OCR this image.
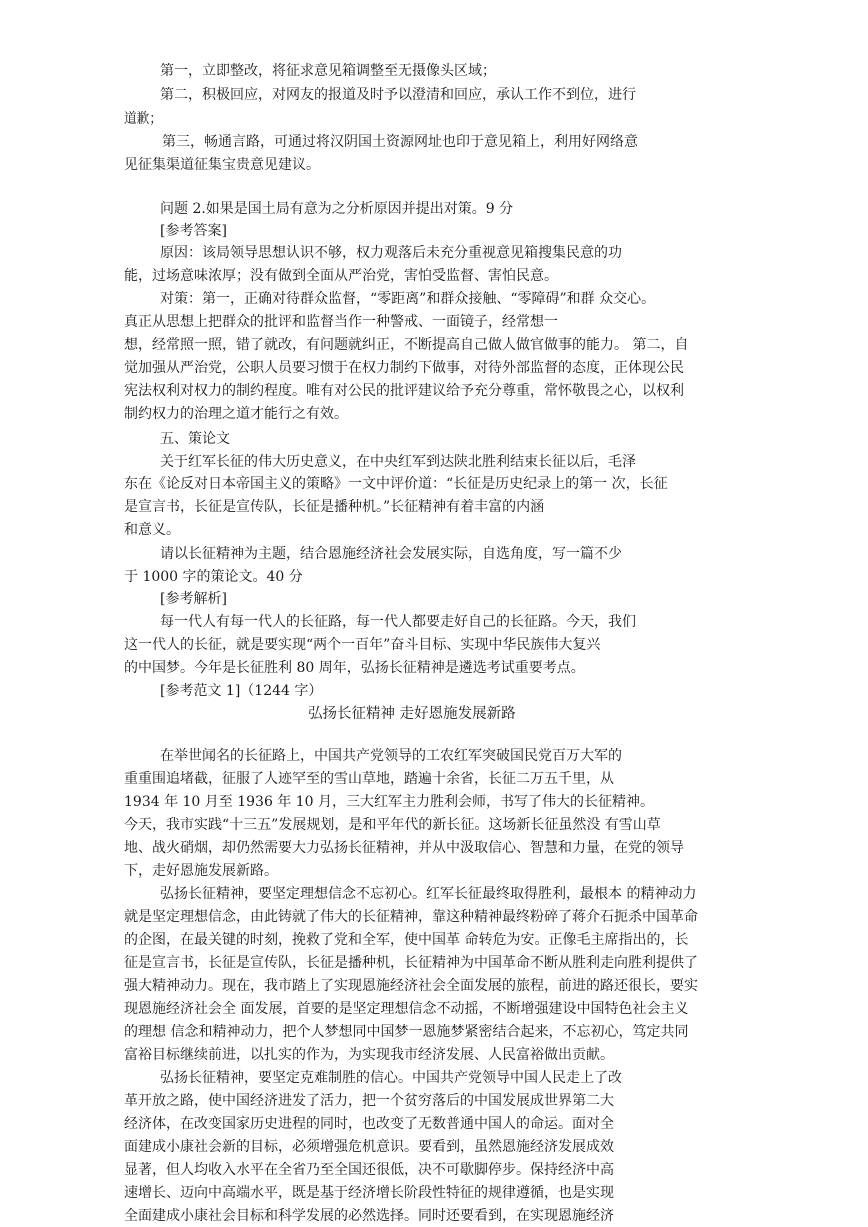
第一，立即整改，将征求意见箱调整至无摄像头区域；

第二，积极回应，对网友的报道及时予以澄清和回应，承认工作不到位，进行

道歉；

第三，畅通言路，可通过将汉阴国土资源网址也印于意见箱上，利用好网络意

见征集渠道征集宝贵意见建议。

问题 2.如果是国土局有意为之分析原因并提出对策。9 分

[参考答案]

原因：该局领导思想认识不够，权力观落后未充分重视意见箱搜集民意的功

能，过场意味浓厚；没有做到全面从严治党，害怕受监督、害怕民意。

对策：第一，正确对待群众监督，“零距离”和群众接触、“零障碍”和群 众交心。

真正从思想上把群众的批评和监督当作一种警戒、一面镜子，经常想一

想，经常照一照，错了就改，有问题就纠正，不断提高自己做人做官做事的能力。 第二，自

觉加强从严治党，公职人员要习惯于在权力制约下做事，对待外部监督的态度，正体现公民

宪法权利对权力的制约程度。唯有对公民的批评建议给予充分尊重，常怀敬畏之心，以权利

制约权力的治理之道才能行之有效。

五、策论文

关于红军长征的伟大历史意义，在中央红军到达陕北胜利结束长征以后，毛泽

东在《论反对日本帝国主义的策略》一文中评价道：“长征是历史纪录上的第一 次，长征

是宣言书，长征是宣传队，长征是播种机。”长征精神有着丰富的内涵

和意义。

请以长征精神为主题，结合恩施经济社会发展实际，自选角度，写一篇不少

于 1000 字的策论文。40 分

[参考解析]

每一代人有每一代人的长征路，每一代人都要走好自己的长征路。今天，我们

这一代人的长征，就是要实现“两个一百年”奋斗目标、实现中华民族伟大复兴

的中国梦。今年是长征胜利 80 周年，弘扬长征精神是遴选考试重要考点。

[参考范文 1]（1244 字）

弘扬长征精神 走好恩施发展新路

在举世闻名的长征路上，中国共产党领导的工农红军突破国民党百万大军的

重重围追堵截，征服了人迹罕至的雪山草地，踏遍十余省，长征二万五千里，从

1934 年 10 月至 1936 年 10 月，三大红军主力胜利会师，书写了伟大的长征精神。

今天，我市实践“十三五”发展规划，是和平年代的新长征。这场新长征虽然没 有雪山草

地、战火硝烟，却仍然需要大力弘扬长征精神，并从中汲取信心、智慧和力量，在党的领导

下，走好恩施发展新路。

弘扬长征精神，要坚定理想信念不忘初心。红军长征最终取得胜利，最根本 的精神动力

就是坚定理想信念，由此铸就了伟大的长征精神，靠这种精神最终粉碎了蒋介石扼杀中国革命

的企图，在最关键的时刻，挽救了党和全军，使中国革 命转危为安。正像毛主席指出的，长

征是宣言书，长征是宣传队，长征是播种机，长征精神为中国革命不断从胜利走向胜利提供了

强大精神动力。现在，我市踏上了实现恩施经济社会全面发展的旅程，前进的路还很长，要实

现恩施经济社会全 面发展，首要的是坚定理想信念不动摇，不断增强建设中国特色社会主义

的理想 信念和精神动力，把个人梦想同中国梦一恩施梦紧密结合起来，不忘初心，笃定共同

富裕目标继续前进，以扎实的作为，为实现我市经济发展、人民富裕做出贡献。

弘扬长征精神，要坚定克难制胜的信心。中国共产党领导中国人民走上了改

革开放之路，使中国经济进发了活力，把一个贫穷落后的中国发展成世界第二大

经济体，在改变国家历史进程的同时，也改变了无数普通中国人的命运。面对全

面建成小康社会新的目标，必须增强危机意识。要看到，虽然恩施经济发展成效

显著，但人均收入水平在全省乃至全国还很低，决不可歇脚停步。保持经济中高

速增长、迈向中高端水平，既是基于经济增长阶段性特征的规律遵循，也是实现

全面建成小康社会目标和科学发展的必然选择。同时还要看到，在实现恩施经济
